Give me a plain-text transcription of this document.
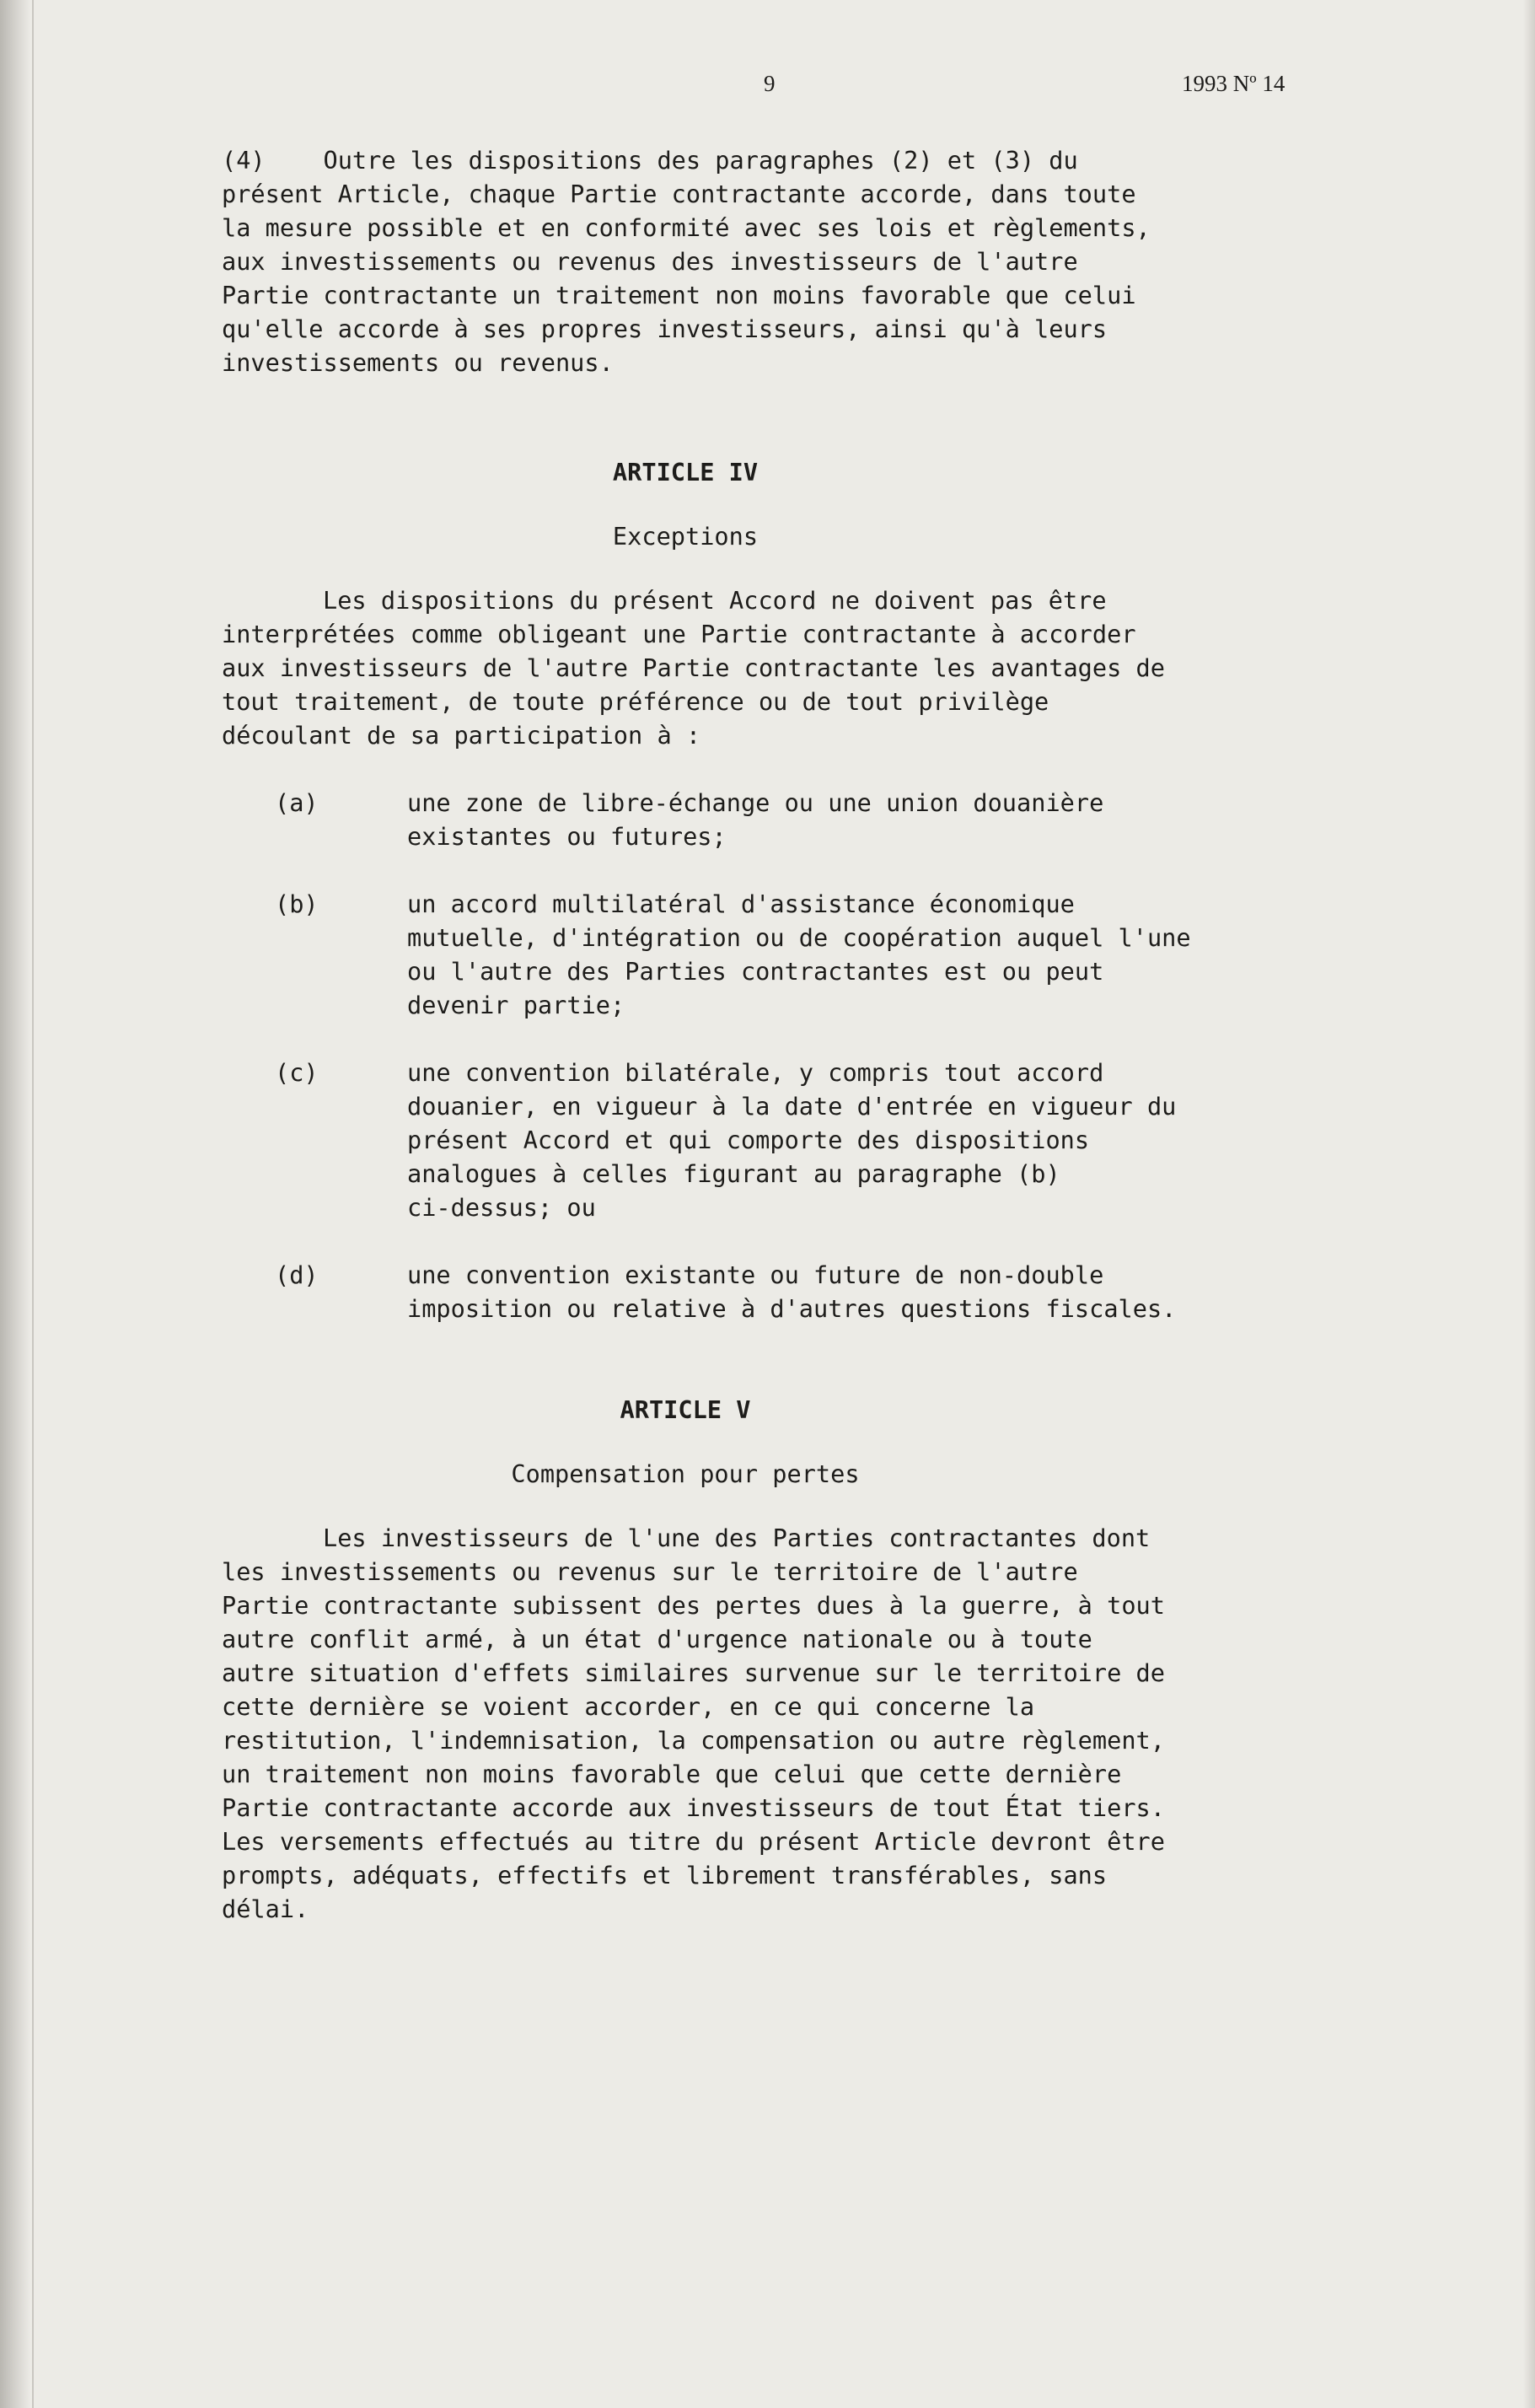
9	1993 Nº 14
(4)    Outre les dispositions des paragraphes (2) et (3) du
présent Article, chaque Partie contractante accorde, dans toute
la mesure possible et en conformité avec ses lois et règlements,
aux investissements ou revenus des investisseurs de l'autre
Partie contractante un traitement non moins favorable que celui
qu'elle accorde à ses propres investisseurs, ainsi qu'à leurs
investissements ou revenus.
ARTICLE IV
Exceptions
Les dispositions du présent Accord ne doivent pas être
interprétées comme obligeant une Partie contractante à accorder
aux investisseurs de l'autre Partie contractante les avantages de
tout traitement, de toute préférence ou de tout privilège
découlant de sa participation à :
(a)	une zone de libre-échange ou une union douanière
existantes ou futures;
(b)	un accord multilatéral d'assistance économique
mutuelle, d'intégration ou de coopération auquel l'une
ou l'autre des Parties contractantes est ou peut
devenir partie;
(c)	une convention bilatérale, y compris tout accord
douanier, en vigueur à la date d'entrée en vigueur du
présent Accord et qui comporte des dispositions
analogues à celles figurant au paragraphe (b)
ci-dessus; ou
(d)	une convention existante ou future de non-double
imposition ou relative à d'autres questions fiscales.
ARTICLE V
Compensation pour pertes
Les investisseurs de l'une des Parties contractantes dont
les investissements ou revenus sur le territoire de l'autre
Partie contractante subissent des pertes dues à la guerre, à tout
autre conflit armé, à un état d'urgence nationale ou à toute
autre situation d'effets similaires survenue sur le territoire de
cette dernière se voient accorder, en ce qui concerne la
restitution, l'indemnisation, la compensation ou autre règlement,
un traitement non moins favorable que celui que cette dernière
Partie contractante accorde aux investisseurs de tout État tiers.
Les versements effectués au titre du présent Article devront être
prompts, adéquats, effectifs et librement transférables, sans
délai.
